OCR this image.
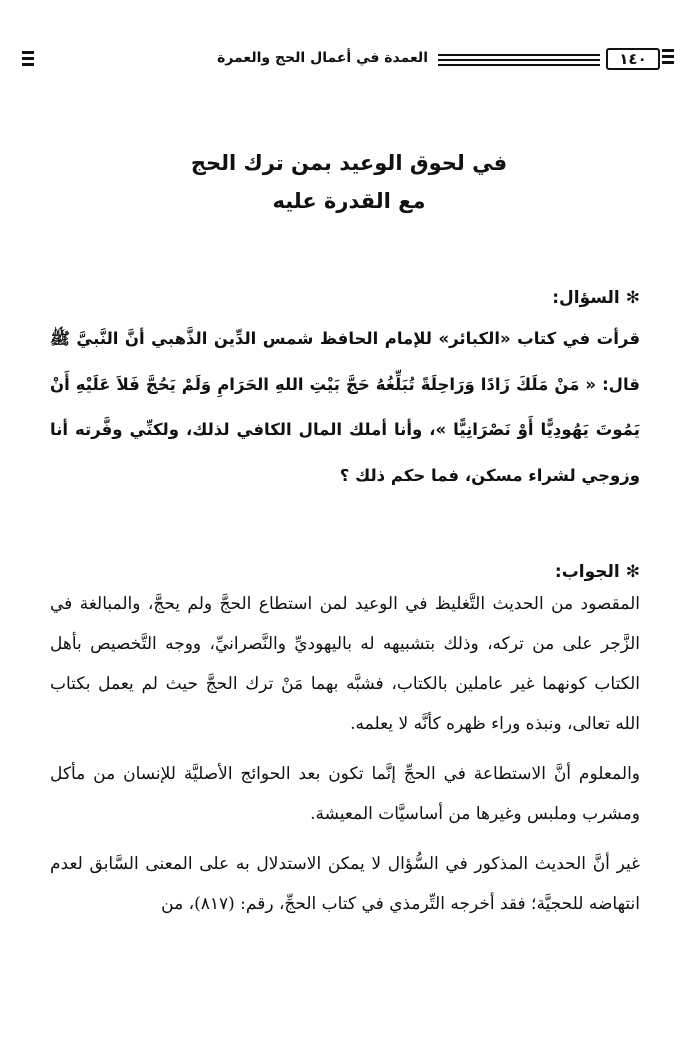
١٤٠
العمدة في أعمال الحج والعمرة
في لحوق الوعيد بمن ترك الحج
مع القدرة عليه
✻السؤال:
قرأت في كتاب «الكبائر» للإمام الحافظ شمس الدِّين الذَّهبي أنَّ النَّبيَّ ﷺ قال: « مَنْ مَلَكَ زَادًا وَرَاحِلَةً تُبَلِّغُهُ حَجَّ بَيْتِ اللهِ الحَرَامِ وَلَمْ يَحُجَّ فَلاَ عَلَيْهِ أَنْ يَمُوتَ يَهُودِيًّا أَوْ نَصْرَانِيًّا »، وأنا أملك المال الكافي لذلك، ولكنِّي وفَّرته أنا وزوجي لشراء مسكن، فما حكم ذلك ؟
✻الجواب:

المقصود من الحديث التَّغليظ في الوعيد لمن استطاع الحجَّ ولم يحجَّ، والمبالغة في الزَّجر على من تركه، وذلك بتشبيهه له باليهوديِّ والنَّصرانيِّ، ووجه التَّخصيص بأهل الكتاب كونهما غير عاملين بالكتاب، فشبَّه بهما مَنْ ترك الحجَّ حيث لم يعمل بكتاب الله تعالى، ونبذه وراء ظهره كأنَّه لا يعلمه.

والمعلوم أنَّ الاستطاعة في الحجِّ إنَّما تكون بعد الحوائج الأصليَّة للإنسان من مأكل ومشرب وملبس وغيرها من أساسيَّات المعيشة.

غير أنَّ الحديث المذكور في السُّؤال لا يمكن الاستدلال به على المعنى السَّابق لعدم انتهاضه للحجيَّة؛ فقد أخرجه التِّرمذي في كتاب الحجِّ، رقم: (٨١٧)، من
